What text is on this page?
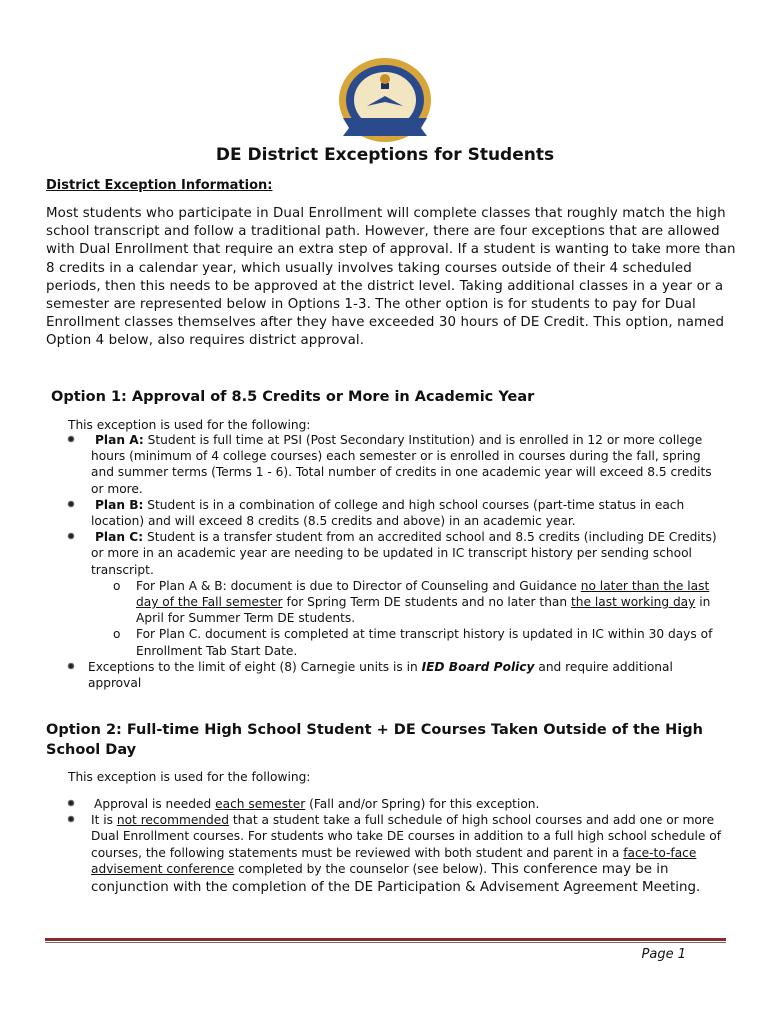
DE District Exceptions for Students
District Exception Information:
Most students who participate in Dual Enrollment will complete classes that roughly match the high school transcript and follow a traditional path. However, there are four exceptions that are allowed with Dual Enrollment that require an extra step of approval. If a student is wanting to take more than 8 credits in a calendar year, which usually involves taking courses outside of their 4 scheduled periods, then this needs to be approved at the district level. Taking additional classes in a year or a semester are represented below in Options 1-3. The other option is for students to pay for Dual Enrollment classes themselves after they have exceeded 30 hours of DE Credit. This option, named Option 4 below, also requires district approval.
Option 1: Approval of 8.5 Credits or More in Academic Year
This exception is used for the following:
Plan A: Student is full time at PSI (Post Secondary Institution) and is enrolled in 12 or more college hours (minimum of 4 college courses) each semester or is enrolled in courses during the fall, spring and summer terms (Terms 1 - 6). Total number of credits in one academic year will exceed 8.5 credits or more.
Plan B: Student is in a combination of college and high school courses (part-time status in each location) and will exceed 8 credits (8.5 credits and above) in an academic year.
Plan C: Student is a transfer student from an accredited school and 8.5 credits (including DE Credits) or more in an academic year are needing to be updated in IC transcript history per sending school transcript.
o For Plan A & B: document is due to Director of Counseling and Guidance no later than the last day of the Fall semester for Spring Term DE students and no later than the last working day in April for Summer Term DE students.
o For Plan C. document is completed at time transcript history is updated in IC within 30 days of Enrollment Tab Start Date.
Exceptions to the limit of eight (8) Carnegie units is in IED Board Policy and require additional approval
Option 2: Full-time High School Student + DE Courses Taken Outside of the High School Day
This exception is used for the following:
Approval is needed each semester (Fall and/or Spring) for this exception.
It is not recommended that a student take a full schedule of high school courses and add one or more Dual Enrollment courses. For students who take DE courses in addition to a full high school schedule of courses, the following statements must be reviewed with both student and parent in a face-to-face advisement conference completed by the counselor (see below). This conference may be in conjunction with the completion of the DE Participation & Advisement Agreement Meeting.
Page 1
